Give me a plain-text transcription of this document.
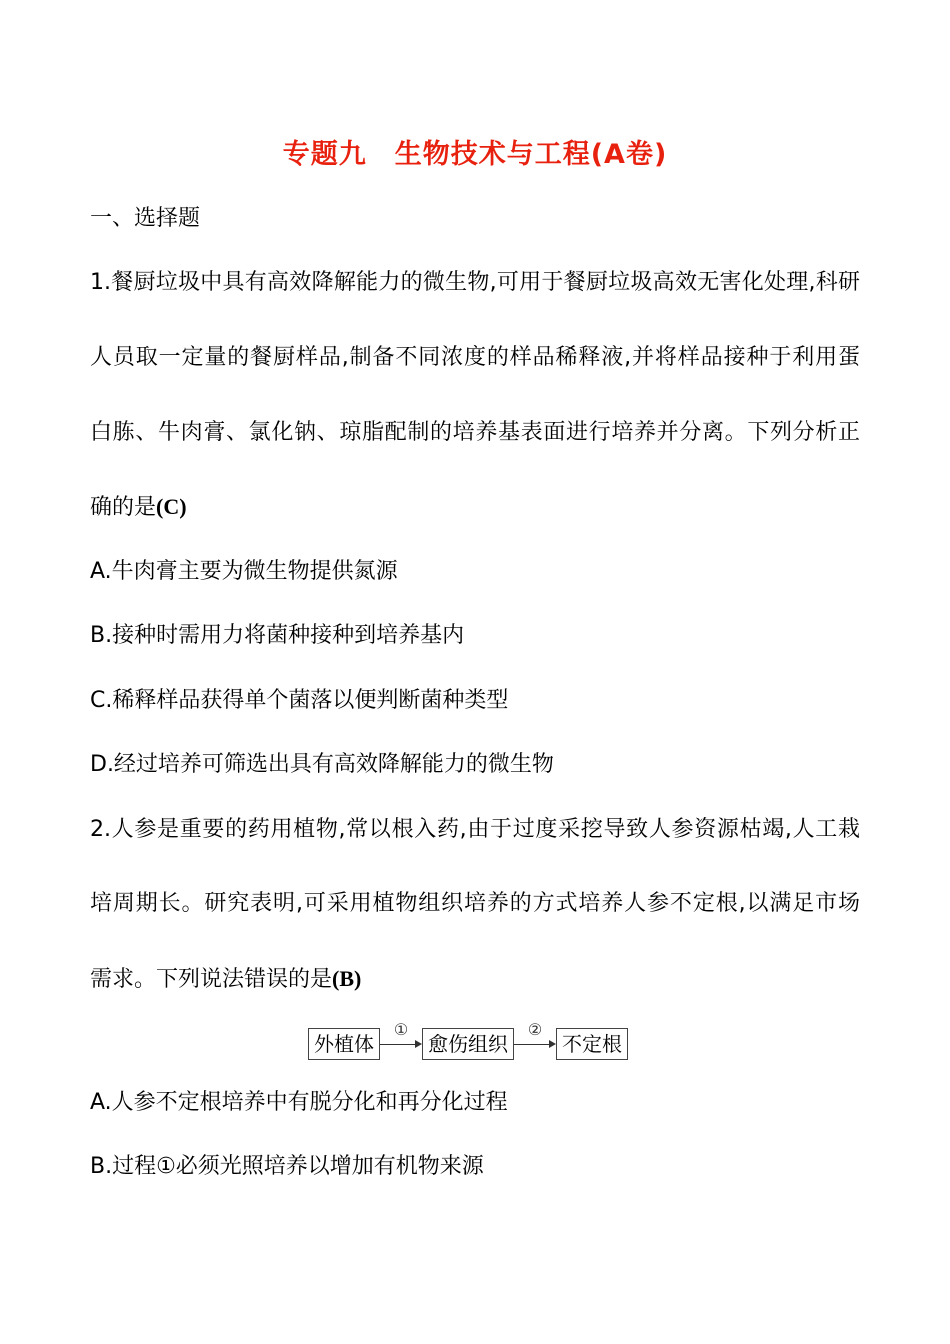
专题九　生物技术与工程(A卷)
一、选择题
1.餐厨垃圾中具有高效降解能力的微生物,可用于餐厨垃圾高效无害化处理,科研
人员取一定量的餐厨样品,制备不同浓度的样品稀释液,并将样品接种于利用蛋
白胨、牛肉膏、氯化钠、琼脂配制的培养基表面进行培养并分离。下列分析正
确的是(C)
A.牛肉膏主要为微生物提供氮源
B.接种时需用力将菌种接种到培养基内
C.稀释样品获得单个菌落以便判断菌种类型
D.经过培养可筛选出具有高效降解能力的微生物
2.人参是重要的药用植物,常以根入药,由于过度采挖导致人参资源枯竭,人工栽
培周期长。研究表明,可采用植物组织培养的方式培养人参不定根,以满足市场
需求。下列说法错误的是(B)
外植体
①
愈伤组织
②
不定根
A.人参不定根培养中有脱分化和再分化过程
B.过程①必须光照培养以增加有机物来源
